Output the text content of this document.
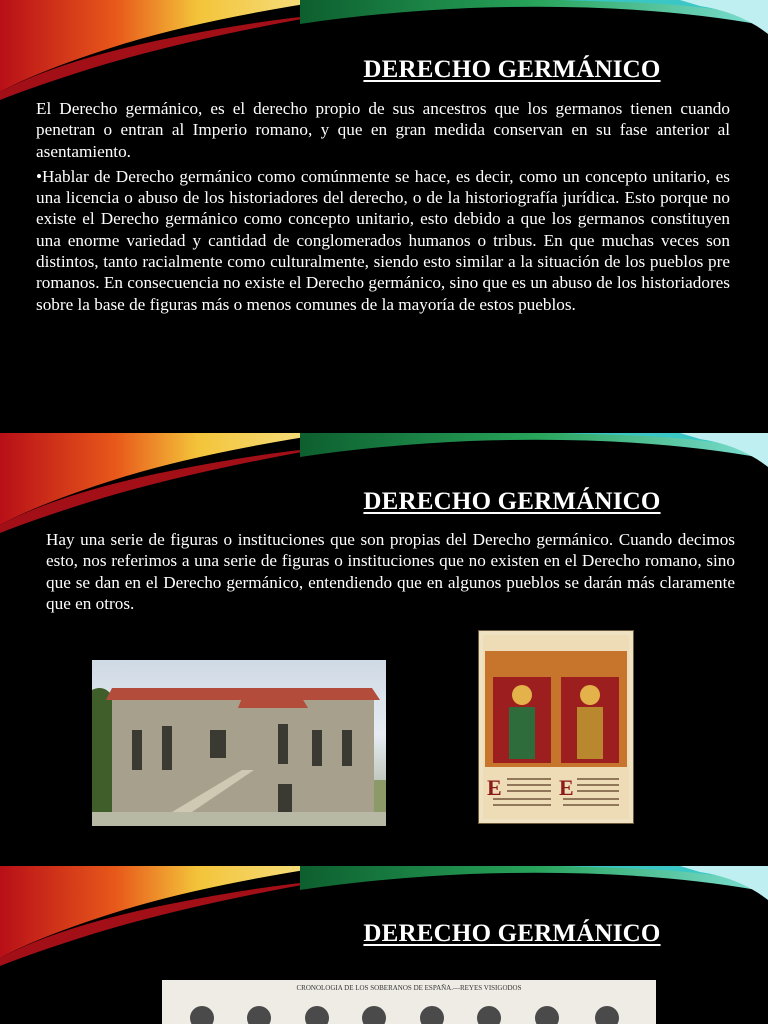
DERECHO GERMÁNICO

El Derecho germánico, es el derecho propio de sus ancestros que los germanos tienen cuando penetran o entran al Imperio romano, y que en gran medida conservan en su fase anterior al asentamiento.

•Hablar de Derecho germánico como comúnmente se hace, es decir, como un concepto unitario, es una licencia o abuso de los historiadores del derecho, o de la historiografía jurídica. Esto porque no existe el Derecho germánico como concepto unitario, esto debido a que los germanos constituyen una enorme variedad y cantidad de conglomerados humanos o tribus. En que muchas veces son distintos, tanto racialmente como culturalmente, siendo esto similar a la situación de los pueblos pre romanos. En consecuencia no existe el Derecho germánico, sino que es un abuso de los historiadores sobre la base de figuras más o menos comunes de la mayoría de estos pueblos.

DERECHO GERMÁNICO

Hay una serie de figuras o instituciones que son propias del Derecho germánico. Cuando decimos esto, nos referimos a una serie de figuras o instituciones que no existen en el Derecho romano, sino que se dan en el Derecho germánico, entendiendo que en algunos pueblos se darán más claramente que en otros.

E	E
DERECHO GERMÁNICO
CRONOLOGIA DE LOS SOBERANOS DE ESPAÑA.—REYES VISIGODOS
